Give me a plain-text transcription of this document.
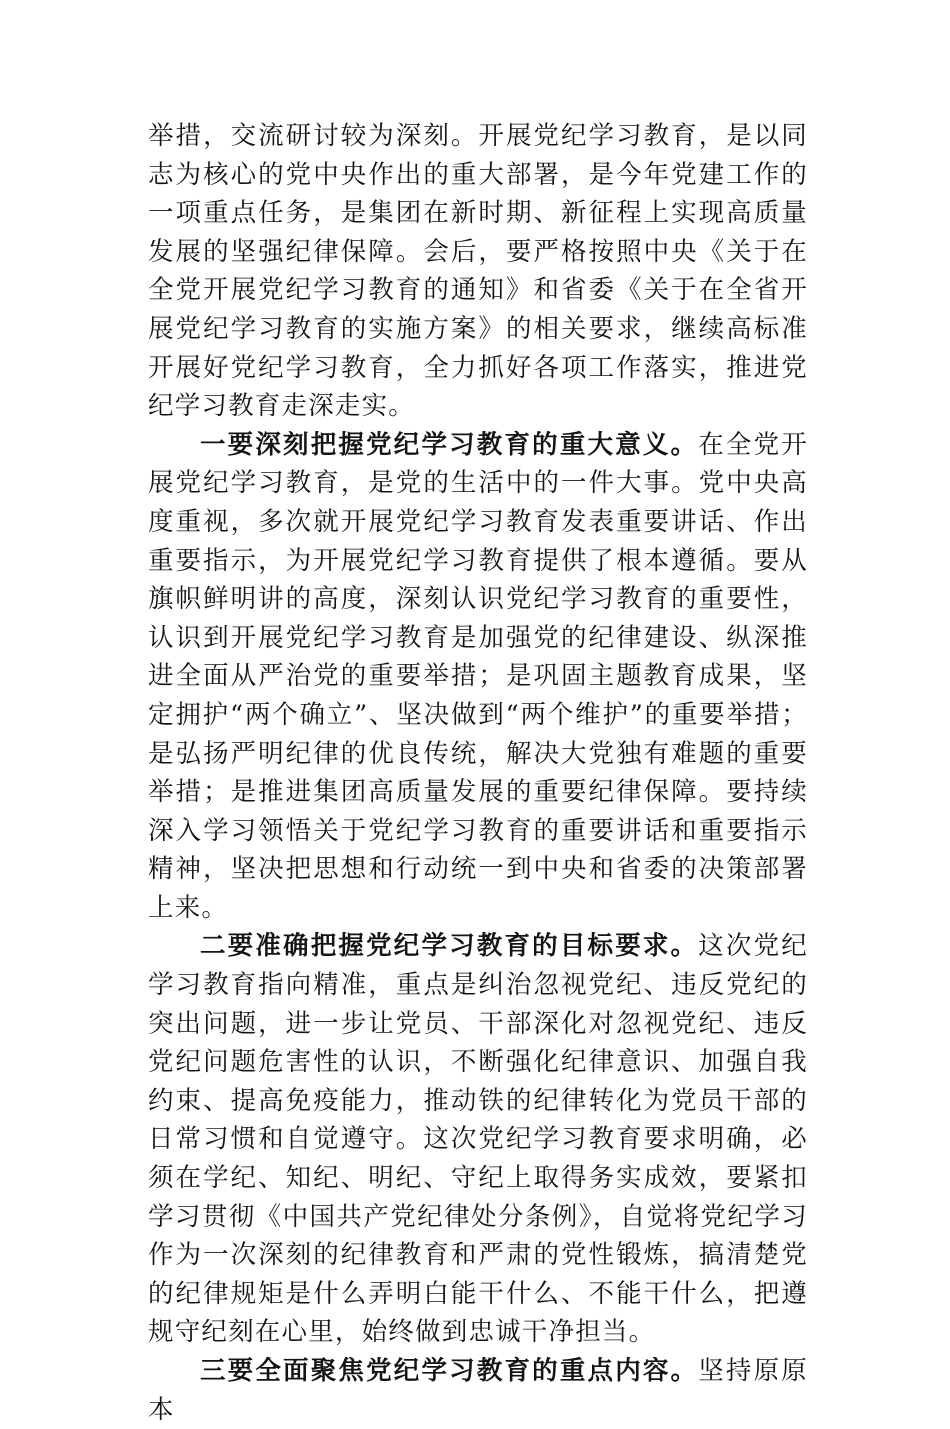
举措，交流研讨较为深刻。开展党纪学习教育，是以同志为核心的党中央作出的重大部署，是今年党建工作的一项重点任务，是集团在新时期、新征程上实现高质量发展的坚强纪律保障。会后，要严格按照中央《关于在全党开展党纪学习教育的通知》和省委《关于在全省开展党纪学习教育的实施方案》的相关要求，继续高标准开展好党纪学习教育，全力抓好各项工作落实，推进党纪学习教育走深走实。

一要深刻把握党纪学习教育的重大意义。在全党开展党纪学习教育，是党的生活中的一件大事。党中央高度重视，多次就开展党纪学习教育发表重要讲话、作出重要指示，为开展党纪学习教育提供了根本遵循。要从旗帜鲜明讲的高度，深刻认识党纪学习教育的重要性，认识到开展党纪学习教育是加强党的纪律建设、纵深推进全面从严治党的重要举措；是巩固主题教育成果，坚定拥护“两个确立”、坚决做到“两个维护”的重要举措；是弘扬严明纪律的优良传统，解决大党独有难题的重要举措；是推进集团高质量发展的重要纪律保障。要持续深入学习领悟关于党纪学习教育的重要讲话和重要指示精神，坚决把思想和行动统一到中央和省委的决策部署上来。

二要准确把握党纪学习教育的目标要求。这次党纪学习教育指向精准，重点是纠治忽视党纪、违反党纪的突出问题，进一步让党员、干部深化对忽视党纪、违反党纪问题危害性的认识，不断强化纪律意识、加强自我约束、提高免疫能力，推动铁的纪律转化为党员干部的日常习惯和自觉遵守。这次党纪学习教育要求明确，必须在学纪、知纪、明纪、守纪上取得务实成效，要紧扣学习贯彻《中国共产党纪律处分条例》，自觉将党纪学习作为一次深刻的纪律教育和严肃的党性锻炼，搞清楚党的纪律规矩是什么弄明白能干什么、不能干什么，把遵规守纪刻在心里，始终做到忠诚干净担当。

三要全面聚焦党纪学习教育的重点内容。坚持原原本
